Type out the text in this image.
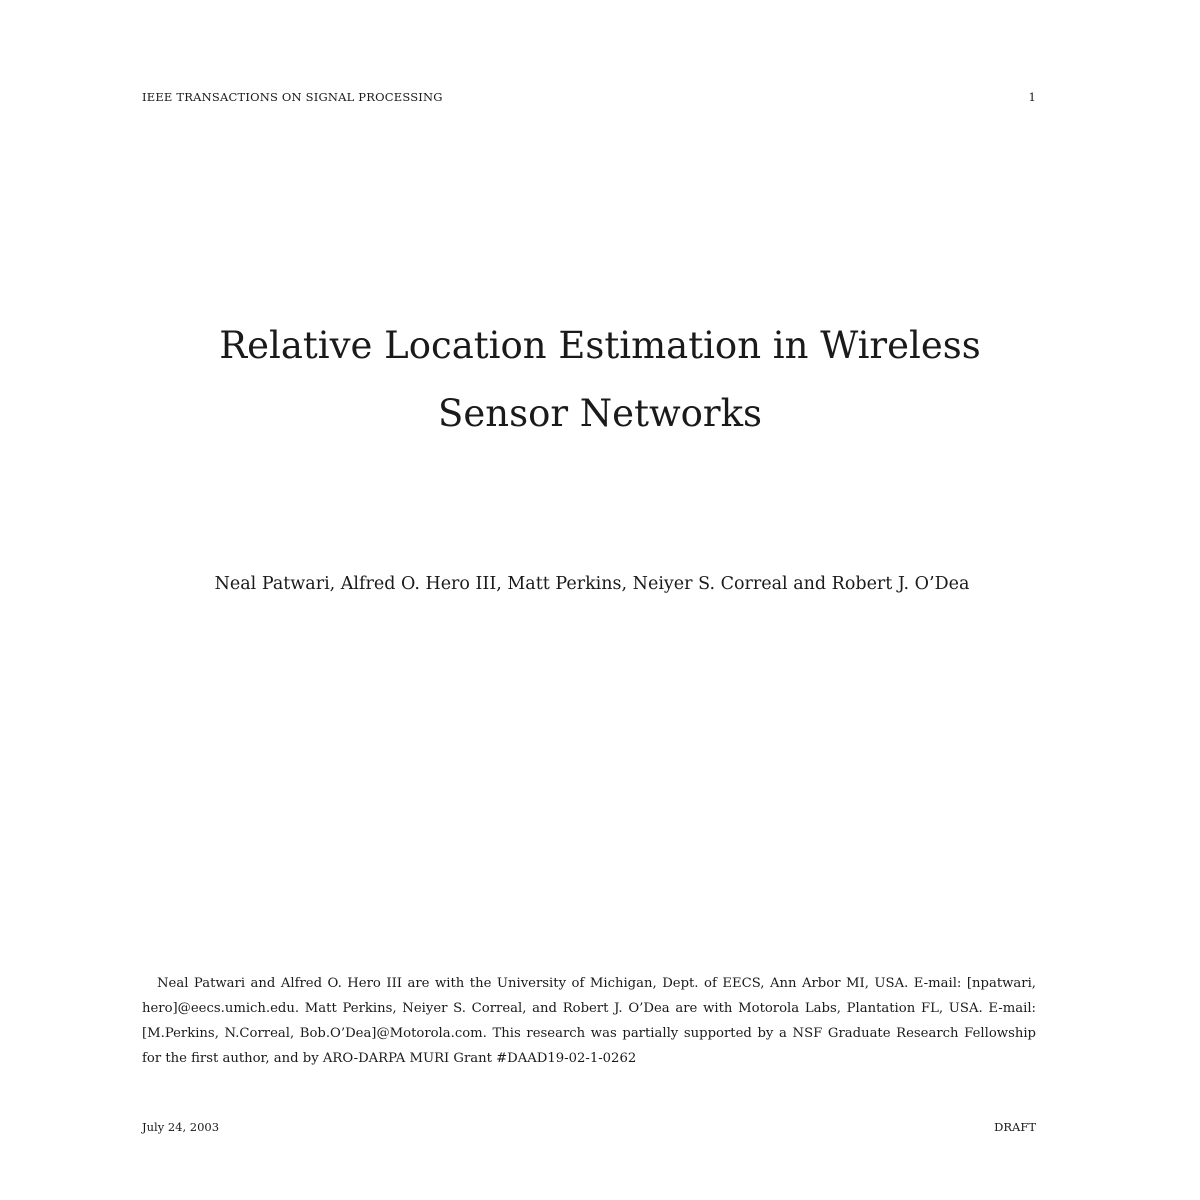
IEEE TRANSACTIONS ON SIGNAL PROCESSING	1
Relative Location Estimation in Wireless
Sensor Networks
Neal Patwari, Alfred O. Hero III, Matt Perkins, Neiyer S. Correal and Robert J. O’Dea

Neal Patwari and Alfred O. Hero III are with the University of Michigan, Dept. of EECS, Ann Arbor MI, USA. E-mail: [npatwari, hero]@eecs.umich.edu. Matt Perkins, Neiyer S. Correal, and Robert J. O’Dea are with Motorola Labs, Plantation FL, USA. E-mail: [M.Perkins, N.Correal, Bob.O’Dea]@Motorola.com. This research was partially supported by a NSF Graduate Research Fellowship for the first author, and by ARO-DARPA MURI Grant #DAAD19-02-1-0262

July 24, 2003	DRAFT
